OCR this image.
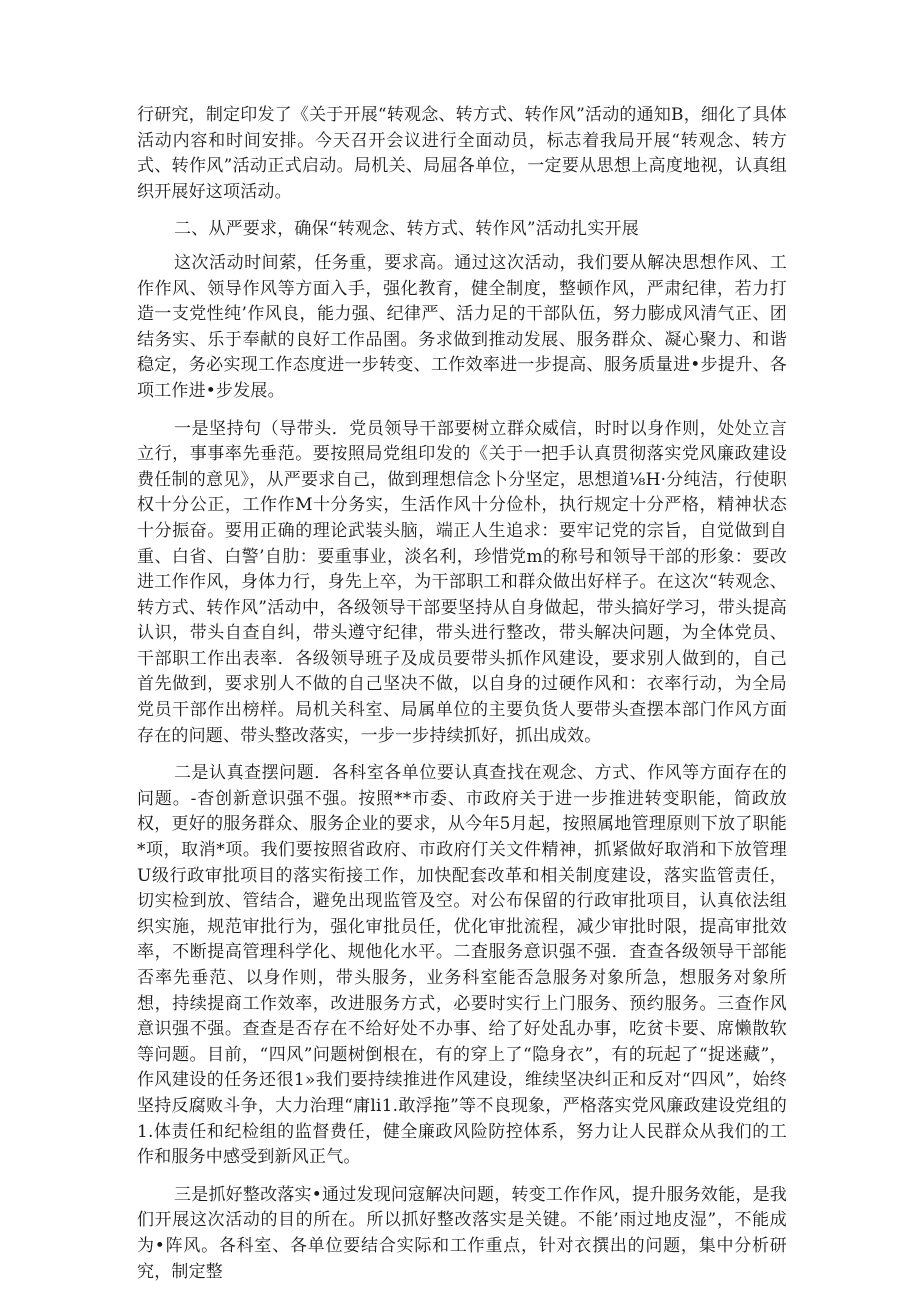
行研究，制定印发了《关于开展“转观念、转方式、转作风”活动的通知B，细化了具体活动内容和时间安排。今天召开会议进行全面动员，标志着我局开展“转观念、转方式、转作风”活动正式启动。局机关、局屈各单位，一定要从思想上高度地视，认真组织开展好这项活动。

二、从严要求，确保“转观念、转方式、转作风”活动扎实开展

这次活动时间萦，任务重，要求高。通过这次活动，我们要从解决思想作风、工作作风、领导作风等方面入手，强化教育，健全制度，整顿作风，严肃纪律，若力打造一支党性纯’作风良，能力强、纪律严、活力足的干部队伍，努力膨成风清气正、团结务实、乐于奉献的良好工作品圉。务求做到推动发展、服务群众、凝心聚力、和谐稳定，务必实现工作态度进一步转变、工作效率进一步提高、服务质量进•步提升、各项工作进•步发展。

一是坚持句（导带头．党员领导干部要树立群众威信，时时以身作则，处处立言立行，事事率先垂范。要按照局党组印发的《关于一把手认真贯彻落实党风廉政建设费任制的意见》，从严要求自己，做到理想信念卜分坚定，思想道⅛H·分纯洁，行使职权十分公正，工作作M十分务实，生活作风十分俭朴，执行规定十分严格，精神状态十分振奋。要用正确的理论武装头脑，端正人生追求：要牢记党的宗旨，自觉做到自重、白省、白警’自肋：要重事业，淡名利，珍惜党m的称号和领导干部的形象：要改进工作作风，身体力行，身先上卒，为干部职工和群众做出好样子。在这次“转观念、转方式、转作风”活动中，各级领导干部要坚持从自身做起，带头搞好学习，带头提高认识，带头自查自纠，带头遵守纪律，带头进行整改，带头解决问题，为全体党员、干部职工作出表率．各级领导班子及成员要带头抓作风建设，要求别人做到的，自己首先做到，要求别人不做的自己坚决不做，以自身的过硬作风和：衣率行动，为全局党员干部作出榜样。局机关科室、局属单位的主要负货人要带头查摆本部门作风方面存在的问题、带头整改落实，一步一步持续抓好，抓出成效。

二是认真查摆问题．各科室各单位要认真查找在观念、方式、作风等方面存在的问题。-杳创新意识强不强。按照**市委、市政府关于进一步推进转变职能，简政放权，更好的服务群众、服务企业的要求，从今年5月起，按照属地管理原则下放了职能*项，取消*项。我们要按照省政府、市政府仃关文件精神，抓紧做好取消和下放管理U级行政审批项目的落实衔接工作，加快配套改革和相关制度建设，落实监管责任，切实检到放、管结合，避免出现监管及空。对公布保留的行政审批项目，认真依法组织实施，规范审批行为，强化审批员任，优化审批流程，减少审批时限，提高审批效率，不断提高管理科学化、规他化水平。二査服务意识强不强．査查各级领导干部能否率先垂范、以身作则，带头服务，业务科室能否急服务对象所急，想服务对象所想，持续提商工作效率，改进服务方式，必要时实行上门服务、预约服务。三查作风意识强不强。查查是否存在不给好处不办事、给了好处乱办事，吃贫卡要、席懒散软等问题。目前，“四风”问题树倒根在，有的穿上了“隐身衣”，有的玩起了“捉迷藏”，作风建设的任务还很1»我们要持续推进作风建设，维续坚决纠正和反对“四风”，始终坚持反腐败斗争，大力治理“庸li1.敢浮拖”等不良现象，严格落实党风廉政建设党组的1.体责任和纪检组的监督费任，健全廉政风险防控体系，努力让人民群众从我们的工作和服务中感受到新风正气。

三是抓好整改落实•通过发现问寇解决问题，转变工作作风，提升服务效能，是我们开展这次活动的目的所在。所以抓好整改落实是关键。不能’雨过地皮湿”，不能成为•阵风。各科室、各单位要结合实际和工作重点，针对衣撰出的问题，集中分析研究，制定整
